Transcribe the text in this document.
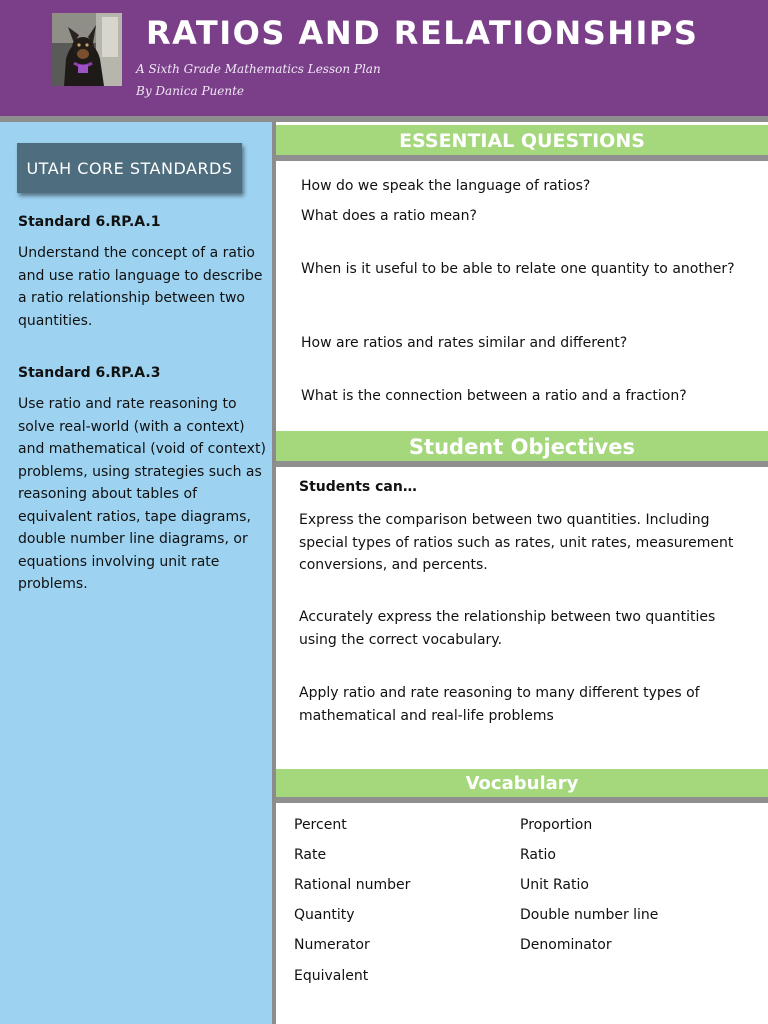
RATIOS AND RELATIONSHIPS
A Sixth Grade Mathematics Lesson Plan
By Danica Puente
UTAH CORE STANDARDS
Standard 6.RP.A.1
Understand the concept of a ratio and use ratio language to describe a ratio relationship between two quantities.
Standard 6.RP.A.3
Use ratio and rate reasoning to solve real-world (with a context) and mathematical (void of context) problems, using strategies such as reasoning about tables of equivalent ratios, tape diagrams, double number line diagrams, or equations involving unit rate problems.
ESSENTIAL QUESTIONS
How do we speak the language of ratios?
What does a ratio mean?
When is it useful to be able to relate one quantity to another?
How are ratios and rates similar and different?
What is the connection between a ratio and a fraction?
Student Objectives
Students can…
Express the comparison between two quantities. Including special types of ratios such as rates, unit rates, measurement conversions, and percents.
Accurately express the relationship between two quantities using the correct vocabulary.
Apply ratio and rate reasoning to many different types of mathematical and real-life problems
Vocabulary
Percent
Rate
Rational number
Quantity
Numerator
Equivalent
Proportion
Ratio
Unit Ratio
Double number line
Denominator
